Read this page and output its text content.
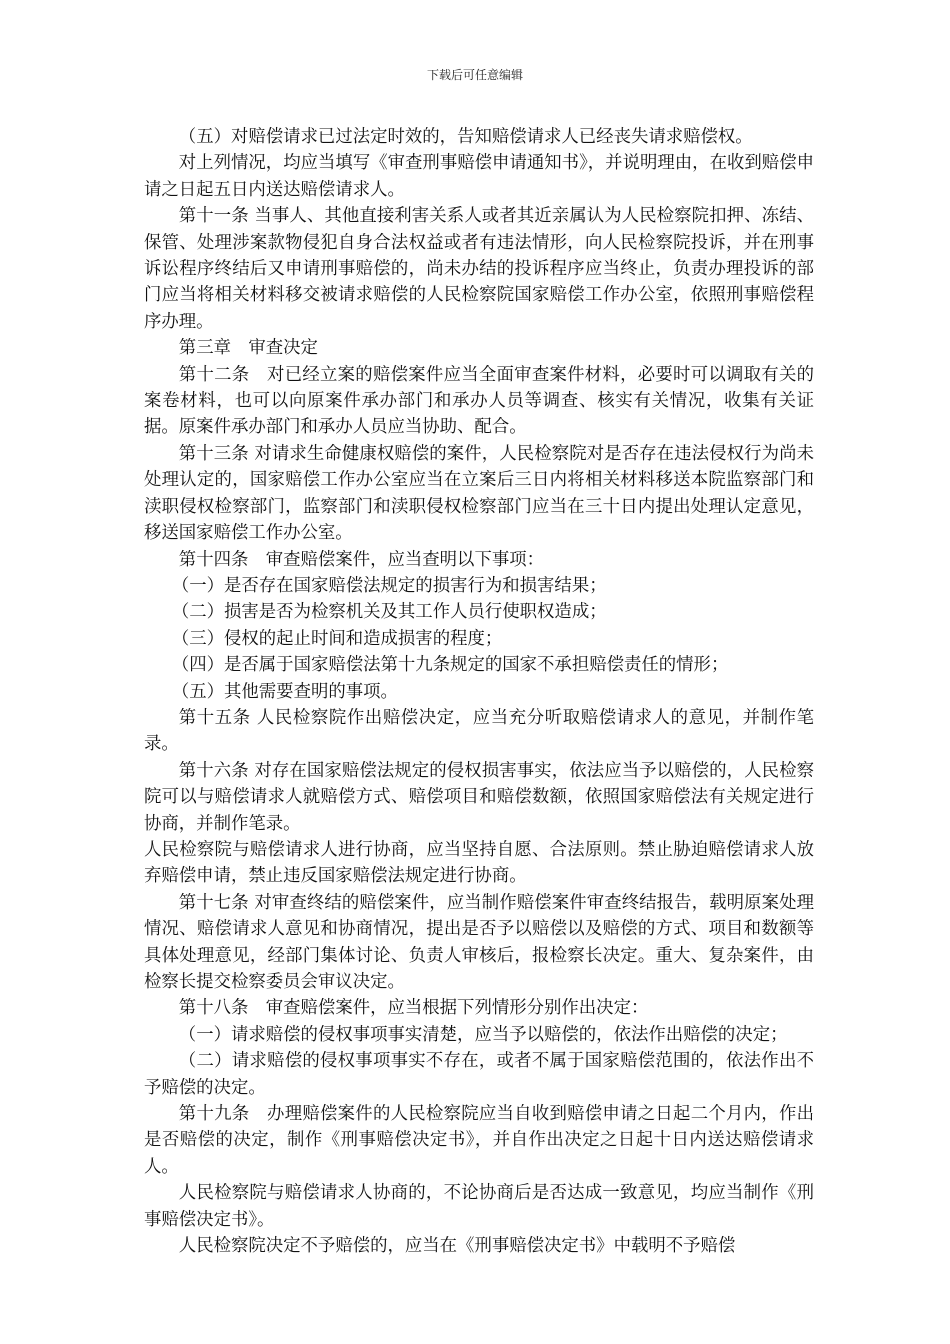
下载后可任意编辑

（五）对赔偿请求已过法定时效的，告知赔偿请求人已经丧失请求赔偿权。

对上列情况，均应当填写《审查刑事赔偿申请通知书》，并说明理由，在收到赔偿申请之日起五日内送达赔偿请求人。

第十一条 当事人、其他直接利害关系人或者其近亲属认为人民检察院扣押、冻结、保管、处理涉案款物侵犯自身合法权益或者有违法情形，向人民检察院投诉，并在刑事诉讼程序终结后又申请刑事赔偿的，尚未办结的投诉程序应当终止，负责办理投诉的部门应当将相关材料移交被请求赔偿的人民检察院国家赔偿工作办公室，依照刑事赔偿程序办理。

第三章　审查决定

第十二条　对已经立案的赔偿案件应当全面审查案件材料，必要时可以调取有关的案卷材料，也可以向原案件承办部门和承办人员等调查、核实有关情况，收集有关证据。原案件承办部门和承办人员应当协助、配合。

第十三条 对请求生命健康权赔偿的案件，人民检察院对是否存在违法侵权行为尚未处理认定的，国家赔偿工作办公室应当在立案后三日内将相关材料移送本院监察部门和渎职侵权检察部门，监察部门和渎职侵权检察部门应当在三十日内提出处理认定意见，移送国家赔偿工作办公室。

第十四条　审查赔偿案件，应当查明以下事项：

（一）是否存在国家赔偿法规定的损害行为和损害结果；

（二）损害是否为检察机关及其工作人员行使职权造成；

（三）侵权的起止时间和造成损害的程度；

（四）是否属于国家赔偿法第十九条规定的国家不承担赔偿责任的情形；

（五）其他需要查明的事项。

第十五条 人民检察院作出赔偿决定，应当充分听取赔偿请求人的意见，并制作笔录。

第十六条 对存在国家赔偿法规定的侵权损害事实，依法应当予以赔偿的，人民检察院可以与赔偿请求人就赔偿方式、赔偿项目和赔偿数额，依照国家赔偿法有关规定进行协商，并制作笔录。

人民检察院与赔偿请求人进行协商，应当坚持自愿、合法原则。禁止胁迫赔偿请求人放弃赔偿申请，禁止违反国家赔偿法规定进行协商。

第十七条 对审查终结的赔偿案件，应当制作赔偿案件审查终结报告，载明原案处理情况、赔偿请求人意见和协商情况，提出是否予以赔偿以及赔偿的方式、项目和数额等具体处理意见，经部门集体讨论、负责人审核后，报检察长决定。重大、复杂案件，由检察长提交检察委员会审议决定。

第十八条　审查赔偿案件，应当根据下列情形分别作出决定：

（一）请求赔偿的侵权事项事实清楚，应当予以赔偿的，依法作出赔偿的决定；

（二）请求赔偿的侵权事项事实不存在，或者不属于国家赔偿范围的，依法作出不予赔偿的决定。

第十九条　办理赔偿案件的人民检察院应当自收到赔偿申请之日起二个月内，作出是否赔偿的决定，制作《刑事赔偿决定书》，并自作出决定之日起十日内送达赔偿请求人。

人民检察院与赔偿请求人协商的，不论协商后是否达成一致意见，均应当制作《刑事赔偿决定书》。

人民检察院决定不予赔偿的，应当在《刑事赔偿决定书》中载明不予赔偿
